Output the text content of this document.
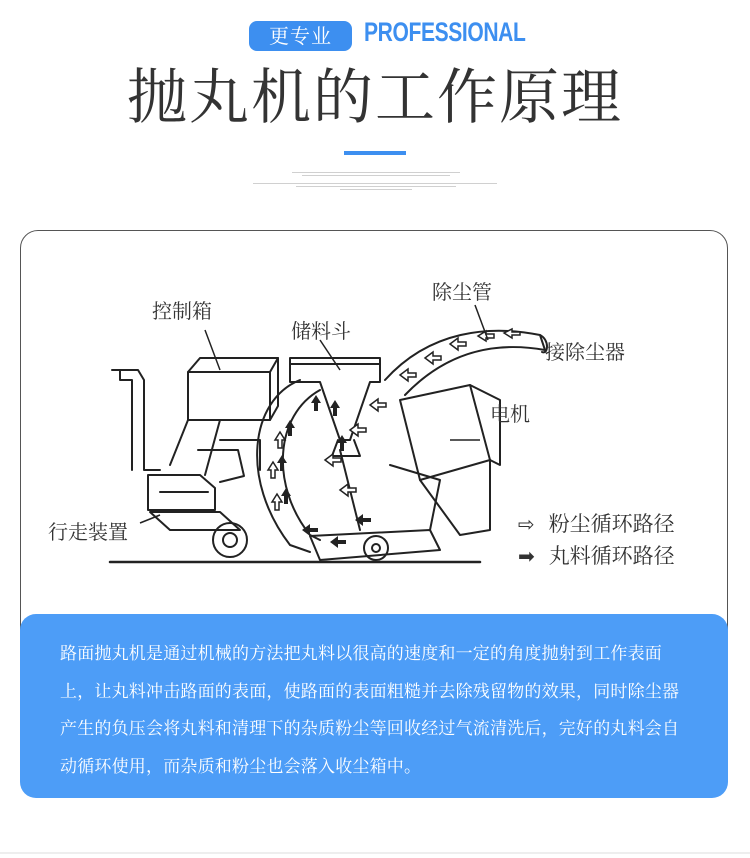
更专业	PROFESSIONAL
抛丸机的工作原理
控制箱
储料斗
除尘管
接除尘器
电机
行走装置	⇨ 粉尘循环路径
➡ 丸料循环路径
路面抛丸机是通过机械的方法把丸料以很高的速度和一定的角度抛射到工作表面上，让丸料冲击路面的表面，使路面的表面粗糙并去除残留物的效果，同时除尘器产生的负压会将丸料和清理下的杂质粉尘等回收经过气流清洗后，完好的丸料会自动循环使用，而杂质和粉尘也会落入收尘箱中。
